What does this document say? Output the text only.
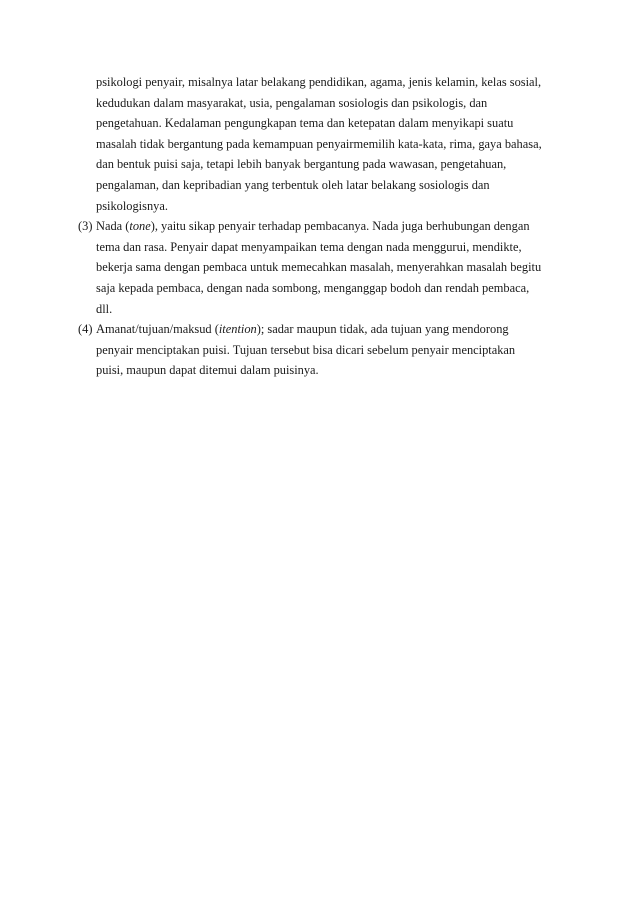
psikologi penyair, misalnya latar belakang pendidikan, agama, jenis kelamin, kelas sosial,
kedudukan dalam masyarakat, usia, pengalaman sosiologis dan psikologis, dan
pengetahuan. Kedalaman pengungkapan tema dan ketepatan dalam menyikapi suatu
masalah tidak bergantung pada kemampuan penyairmemilih kata-kata, rima, gaya bahasa,
dan bentuk puisi saja, tetapi lebih banyak bergantung pada wawasan, pengetahuan,
pengalaman, dan kepribadian yang terbentuk oleh latar belakang sosiologis dan
psikologisnya.
(3) Nada (tone), yaitu sikap penyair terhadap pembacanya. Nada juga berhubungan dengan
tema dan rasa. Penyair dapat menyampaikan tema dengan nada menggurui, mendikte,
bekerja sama dengan pembaca untuk memecahkan masalah, menyerahkan masalah begitu
saja kepada pembaca, dengan nada sombong, menganggap bodoh dan rendah pembaca,
dll.
(4) Amanat/tujuan/maksud (itention); sadar maupun tidak, ada tujuan yang mendorong
penyair menciptakan puisi. Tujuan tersebut bisa dicari sebelum penyair menciptakan
puisi, maupun dapat ditemui dalam puisinya.
